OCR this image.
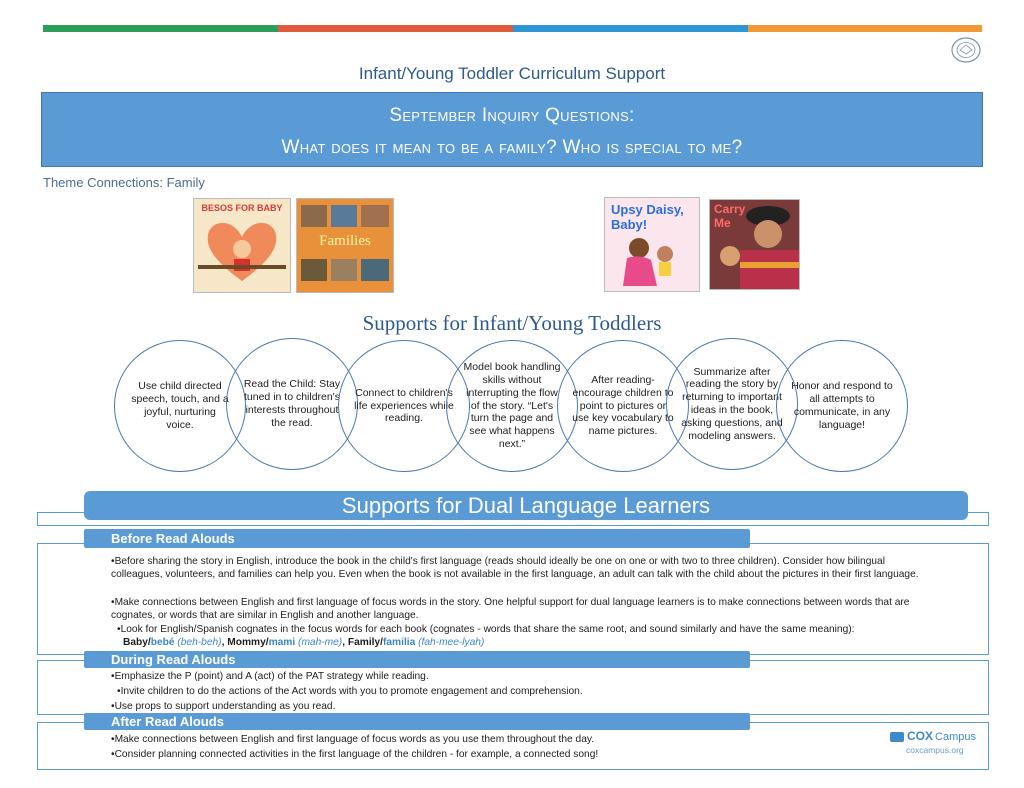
Infant/Young Toddler Curriculum Support
September Inquiry Questions:
What does it mean to be a family? Who is special to me?
Theme Connections: Family
BESOS FOR BABY
Families
Upsy Daisy, Baby!
Carry Me
Supports for Infant/Young Toddlers
Use child directed speech, touch, and a joyful, nurturing voice.
Read the Child: Stay tuned in to children's interests throughout the read.
Connect to children's life experiences while reading.
Model book handling skills without interrupting the flow of the story. “Let's turn the page and see what happens next.”
After reading- encourage children to point to pictures or use key vocabulary to name pictures.
Summarize after reading the story by returning to important ideas in the book, asking questions, and modeling answers.
Honor and respond to all attempts to communicate, in any language!
Supports for Dual Language Learners
Before Read Alouds
•Before sharing the story in English, introduce the book in the child's first language (reads should ideally be one on one or with two to three children). Consider how bilingual colleagues, volunteers, and families can help you. Even when the book is not available in the first language, an adult can talk with the child about the pictures in their first language.
•Make connections between English and first language of focus words in the story. One helpful support for dual language learners is to make connections between words that are cognates, or words that are similar in English and another language.
•Look for English/Spanish cognates in the focus words for each book (cognates - words that share the same root, and sound similarly and have the same meaning):
Baby/bebé (beh-beh), Mommy/mami (mah-me), Family/familia (fah-mee-lyah)
During Read Alouds
•Emphasize the P (point) and A (act) of the PAT strategy while reading.
•Invite children to do the actions of the Act words with you to promote engagement and comprehension.
•Use props to support understanding as you read.
After Read Alouds
•Make connections between English and first language of focus words as you use them throughout the day.
•Consider planning connected activities in the first language of the children - for example, a connected song!
COX Campus
coxcampus.org
